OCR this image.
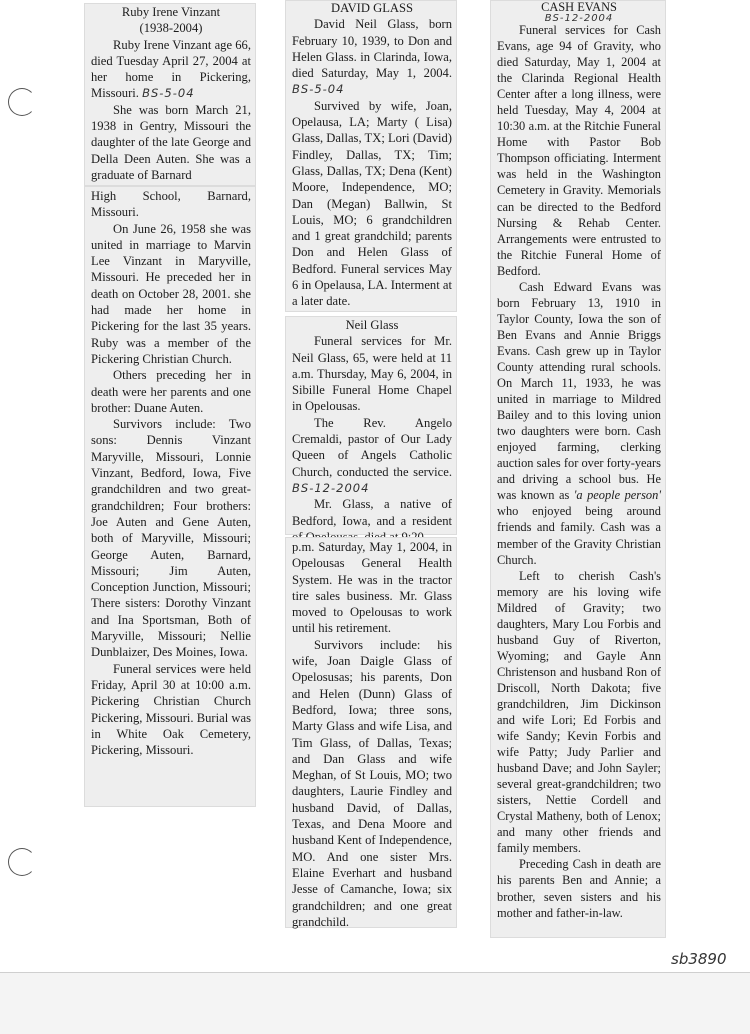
Ruby Irene Vinzant

(1938-2004)

Ruby Irene Vinzant age 66, died Tuesday April 27, 2004 at her home in Pickering, Missouri. BS-5-04

She was born March 21, 1938 in Gentry, Missouri the daughter of the late George and Della Deen Auten. She was a graduate of Barnard

High School, Barnard, Missouri.

On June 26, 1958 she was united in marriage to Marvin Lee Vinzant in Maryville, Missouri. He preceded her in death on October 28, 2001. she had made her home in Pickering for the last 35 years. Ruby was a member of the Pickering Christian Church.

Others preceding her in death were her parents and one brother: Duane Auten.

Survivors include: Two sons: Dennis Vinzant Maryville, Missouri, Lonnie Vinzant, Bedford, Iowa, Five grandchildren and two great-grandchildren; Four brothers: Joe Auten and Gene Auten, both of Maryville, Missouri; George Auten, Barnard, Missouri; Jim Auten, Conception Junction, Missouri; There sisters: Dorothy Vinzant and Ina Sportsman, Both of Maryville, Missouri; Nellie Dunblaizer, Des Moines, Iowa.

Funeral services were held Friday, April 30 at 10:00 a.m. Pickering Christian Church Pickering, Missouri. Burial was in White Oak Cemetery, Pickering, Missouri.

DAVID GLASS

David Neil Glass, born February 10, 1939, to Don and Helen Glass. in Clarinda, Iowa, died Saturday, May 1, 2004. BS-5-04

Survived by wife, Joan, Opelausa, LA; Marty ( Lisa) Glass, Dallas, TX; Lori (David) Findley, Dallas, TX; Tim; Glass, Dallas, TX; Dena (Kent) Moore, Independence, MO; Dan (Megan) Ballwin, St Louis, MO; 6 grandchildren and 1 great grandchild; parents Don and Helen Glass of Bedford. Funeral services May 6 in Opelausa, LA. Interment at a later date.

Neil Glass

Funeral services for Mr. Neil Glass, 65, were held at 11 a.m. Thursday, May 6, 2004, in Sibille Funeral Home Chapel in Opelousas.

The Rev. Angelo Cremaldi, pastor of Our Lady Queen of Angels Catholic Church, conducted the service. BS-12-2004

Mr. Glass, a native of Bedford, Iowa, and a resident

p.m. Saturday, May 1, 2004, in Opelousas General Health System. He was in the tractor tire sales business. Mr. Glass moved to Opelousas to work until his retirement.

Survivors include: his wife, Joan Daigle Glass of Opelosusas; his parents, Don and Helen (Dunn) Glass of Bedford, Iowa; three sons, Marty Glass and wife Lisa, and Tim Glass, of Dallas, Texas; and Dan Glass and wife Meghan, of St Louis, MO; two daughters, Laurie Findley and husband David, of Dallas, Texas, and Dena Moore and husband Kent of Independence, MO. And one sister Mrs. Elaine Everhart and husband Jesse of Camanche, Iowa; six grandchildren; and one great grandchild.

CASH EVANS

BS-12-2004

Funeral services for Cash Evans, age 94 of Gravity, who died Saturday, May 1, 2004 at the Clarinda Regional Health Center after a long illness, were held Tuesday, May 4, 2004 at 10:30 a.m. at the Ritchie Funeral Home with Pastor Bob Thompson officiating. Interment was held in the Washington Cemetery in Gravity. Memorials can be directed to the Bedford Nursing & Rehab Center. Arrangements were entrusted to the Ritchie Funeral Home of Bedford.

Cash Edward Evans was born February 13, 1910 in Taylor County, Iowa the son of Ben Evans and Annie Briggs Evans. Cash grew up in Taylor County attending rural schools. On March 11, 1933, he was united in marriage to Mildred Bailey and to this loving union two daughters were born. Cash enjoyed farming, clerking auction sales for over forty-years and driving a school bus. He was known as 'a people person' who enjoyed being around friends and family. Cash was a member of the Gravity Christian Church.

Left to cherish Cash's memory are his loving wife Mildred of Gravity; two daughters, Mary Lou Forbis and husband Guy of Riverton, Wyoming; and Gayle Ann Christenson and husband Ron of Driscoll, North Dakota; five grandchildren, Jim Dickinson and wife Lori; Ed Forbis and wife Sandy; Kevin Forbis and wife Patty; Judy Parlier and husband Dave; and John Sayler; several great-grandchildren; two sisters, Nettie Cordell and Crystal Matheny, both of Lenox; and many other friends and family members.

Preceding Cash in death are his parents Ben and Annie; a brother, seven sisters and his mother and father-in-law.

sb3890
